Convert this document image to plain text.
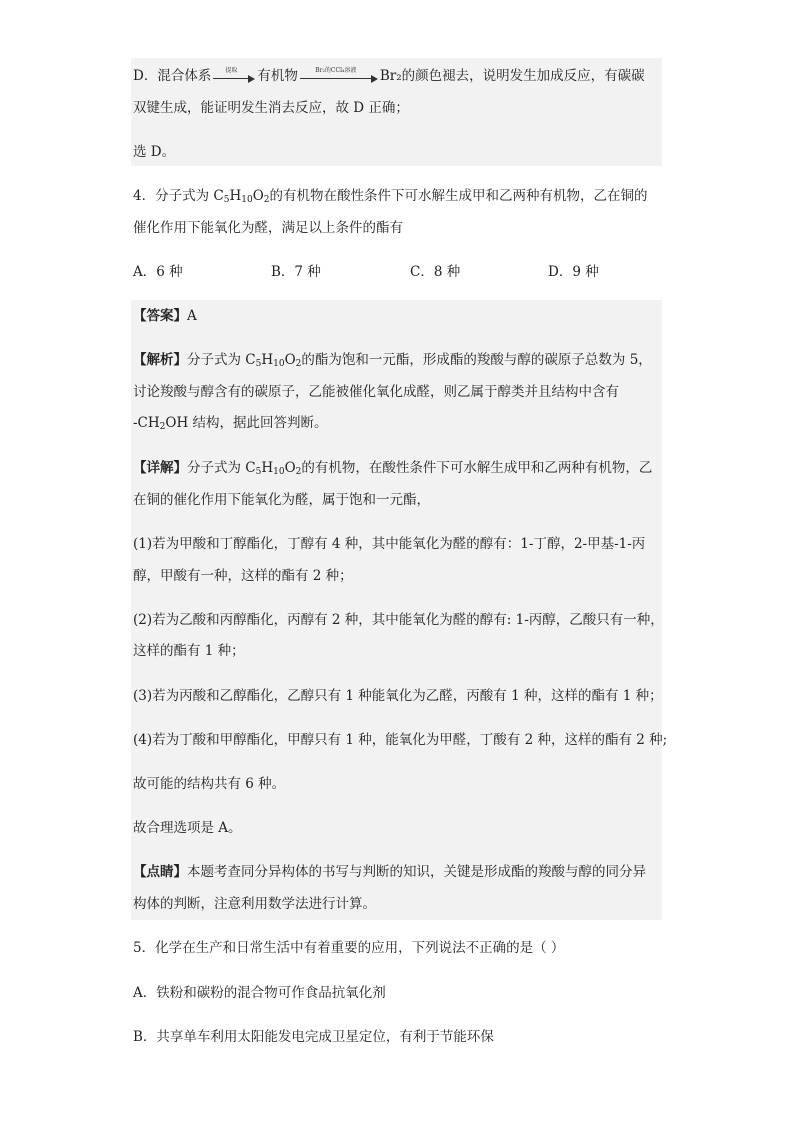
D．混合体系	提取	有机物	Br₂的CCl₄溶液	Br₂的颜色褪去，说明发生加成反应，有碳碳
双键生成，能证明发生消去反应，故 D 正确；
选 D。
4．分子式为 $C_5H_{10}O_2$的有机物在酸性条件下可水解生成甲和乙两种有机物，乙在铜的
催化作用下能氧化为醛，满足以上条件的酯有
A．6 种	B．7 种	C．8 种	D．9 种
【答案】A
【解析】分子式为 $C_5H_{10}O_2$的酯为饱和一元酯，形成酯的羧酸与醇的碳原子总数为 5，
讨论羧酸与醇含有的碳原子，乙能被催化氧化成醛，则乙属于醇类并且结构中含有
$-CH_2OH$ 结构，据此回答判断。
【详解】分子式为 $C_5H_{10}O_2$的有机物，在酸性条件下可水解生成甲和乙两种有机物，乙
在铜的催化作用下能氧化为醛，属于饱和一元酯，
(1)若为甲酸和丁醇酯化，丁醇有 4 种，其中能氧化为醛的醇有：1-丁醇，2-甲基-1-丙
醇，甲酸有一种，这样的酯有 2 种；
(2)若为乙酸和丙醇酯化，丙醇有 2 种，其中能氧化为醛的醇有: 1-丙醇，乙酸只有一种，
这样的酯有 1 种；
(3)若为丙酸和乙醇酯化，乙醇只有 1 种能氧化为乙醛，丙酸有 1 种，这样的酯有 1 种；
(4)若为丁酸和甲醇酯化，甲醇只有 1 种，能氧化为甲醛，丁酸有 2 种，这样的酯有 2 种;
故可能的结构共有 6 种。
故合理选项是 A。
【点睛】本题考查同分异构体的书写与判断的知识，关键是形成酯的羧酸与醇的同分异
构体的判断，注意利用数学法进行计算。
5．化学在生产和日常生活中有着重要的应用，下列说法不正确的是（ ）
A．铁粉和碳粉的混合物可作食品抗氧化剂
B．共享单车利用太阳能发电完成卫星定位，有利于节能环保
